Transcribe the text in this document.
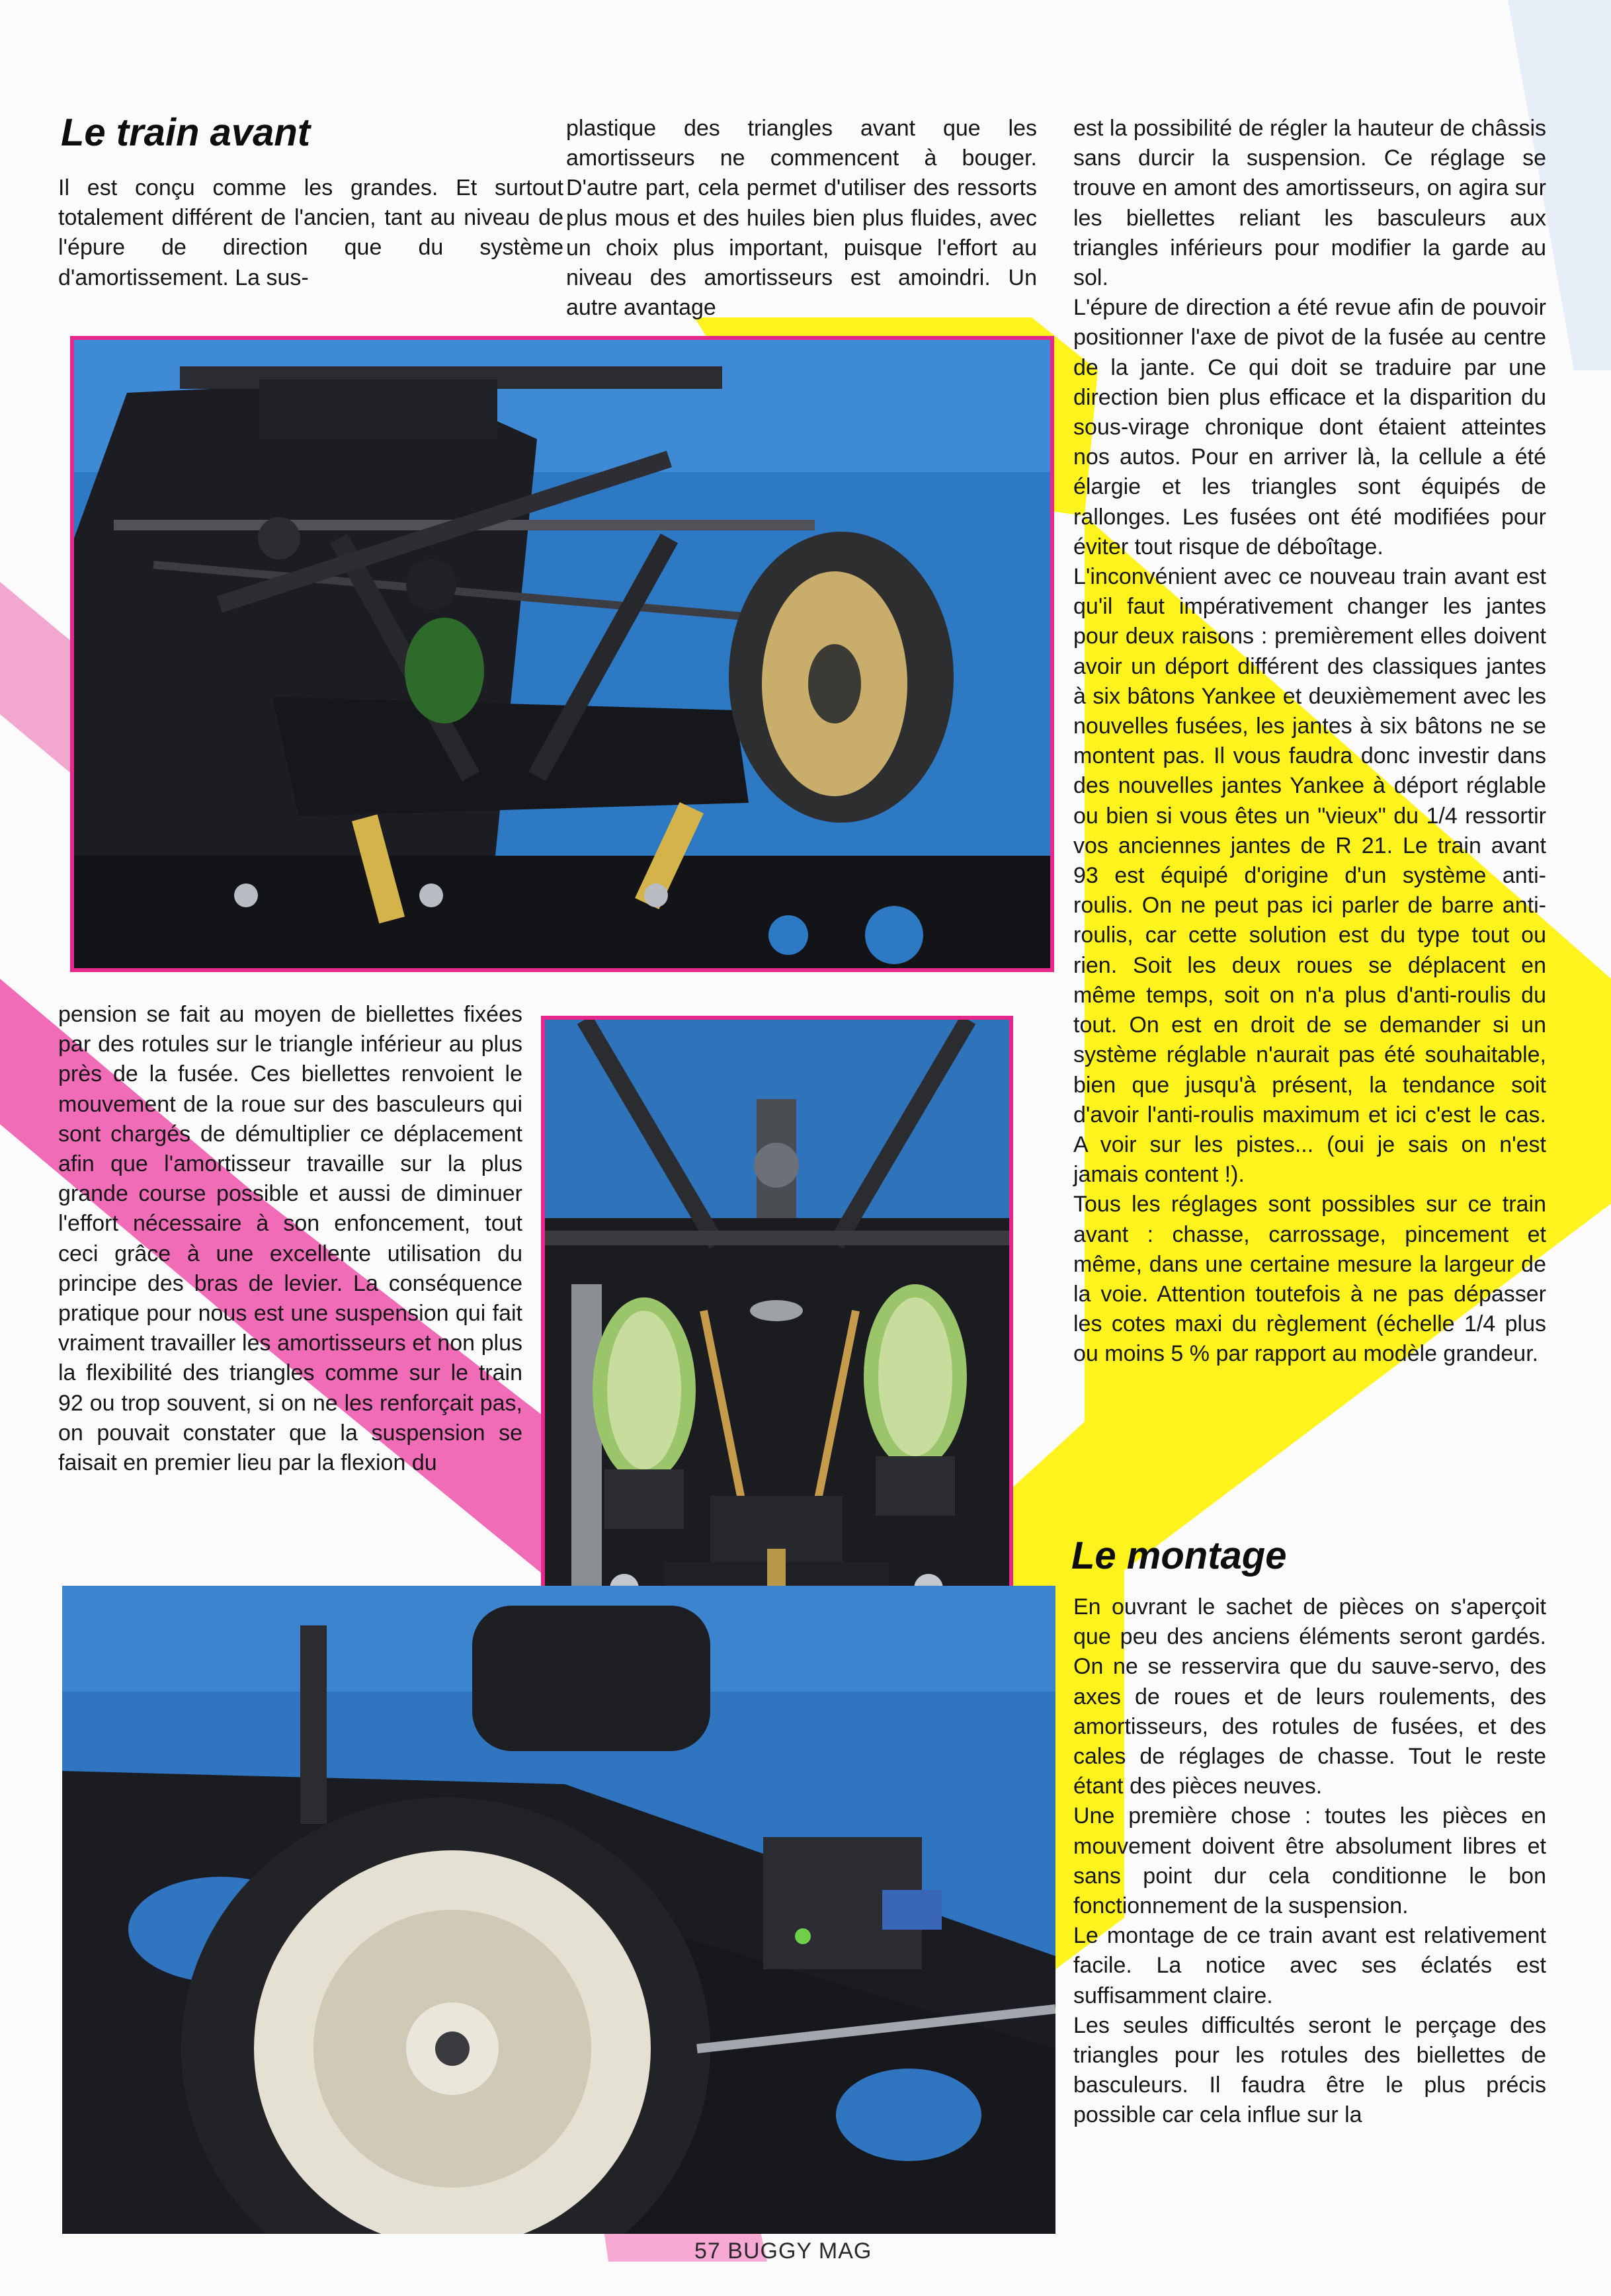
Le train avant

Il est conçu comme les grandes. Et surtout totalement différent de l'ancien, tant au niveau de l'épure de direction que du système d'amortissement. La sus-

plastique des triangles avant que les amortisseurs ne commencent à bouger. D'autre part, cela permet d'utiliser des ressorts plus mous et des huiles bien plus fluides, avec un choix plus important, puisque l'effort au niveau des amortisseurs est amoindri. Un autre avantage

est la possibilité de régler la hauteur de châssis sans durcir la suspension. Ce réglage se trouve en amont des amortisseurs, on agira sur les biellettes reliant les basculeurs aux triangles inférieurs pour modifier la garde au sol.

L'épure de direction a été revue afin de pouvoir positionner l'axe de pivot de la fusée au centre de la jante. Ce qui doit se traduire par une direction bien plus efficace et la disparition du sous-virage chronique dont étaient atteintes nos autos. Pour en arriver là, la cellule a été élargie et les triangles sont équipés de rallonges. Les fusées ont été modifiées pour éviter tout risque de déboîtage.

L'inconvénient avec ce nouveau train avant est qu'il faut impérativement changer les jantes pour deux raisons : premièrement elles doivent avoir un déport différent des classiques jantes à six bâtons Yankee et deuxièmement avec les nouvelles fusées, les jantes à six bâtons ne se montent pas. Il vous faudra donc investir dans des nouvelles jantes Yankee à déport réglable ou bien si vous êtes un "vieux" du 1/4 ressortir vos anciennes jantes de R 21. Le train avant 93 est équipé d'origine d'un système anti-roulis. On ne peut pas ici parler de barre anti-roulis, car cette solution est du type tout ou rien. Soit les deux roues se déplacent en même temps, soit on n'a plus d'anti-roulis du tout. On est en droit de se demander si un système réglable n'aurait pas été souhaitable, bien que jusqu'à présent, la tendance soit d'avoir l'anti-roulis maximum et ici c'est le cas. A voir sur les pistes... (oui je sais on n'est jamais content !).

Tous les réglages sont possibles sur ce train avant : chasse, carrossage, pincement et même, dans une certaine mesure la largeur de la voie. Attention toutefois à ne pas dépasser les cotes maxi du règlement (échelle 1/4 plus ou moins 5 % par rapport au modèle grandeur.

Le montage

En ouvrant le sachet de pièces on s'aperçoit que peu des anciens éléments seront gardés. On ne se resservira que du sauve-servo, des axes de roues et de leurs roulements, des amortisseurs, des rotules de fusées, et des cales de réglages de chasse. Tout le reste étant des pièces neuves.

Une première chose : toutes les pièces en mouvement doivent être absolument libres et sans point dur cela conditionne le bon fonctionnement de la suspension.

Le montage de ce train avant est relativement facile. La notice avec ses éclatés est suffisamment claire.

Les seules difficultés seront le perçage des triangles pour les rotules des biellettes de basculeurs. Il faudra être le plus précis possible car cela influe sur la

pension se fait au moyen de biellettes fixées par des rotules sur le triangle inférieur au plus près de la fusée. Ces biellettes renvoient le mouvement de la roue sur des basculeurs qui sont chargés de démultiplier ce déplacement afin que l'amortisseur travaille sur la plus grande course possible et aussi de diminuer l'effort nécessaire à son enfoncement, tout ceci grâce à une excellente utilisation du principe des bras de levier. La conséquence pratique pour nous est une suspension qui fait vraiment travailler les amortisseurs et non plus la flexibilité des triangles comme sur le train 92 ou trop souvent, si on ne les renforçait pas, on pouvait constater que la suspension se faisait en premier lieu par la flexion du

57 BUGGY MAG
